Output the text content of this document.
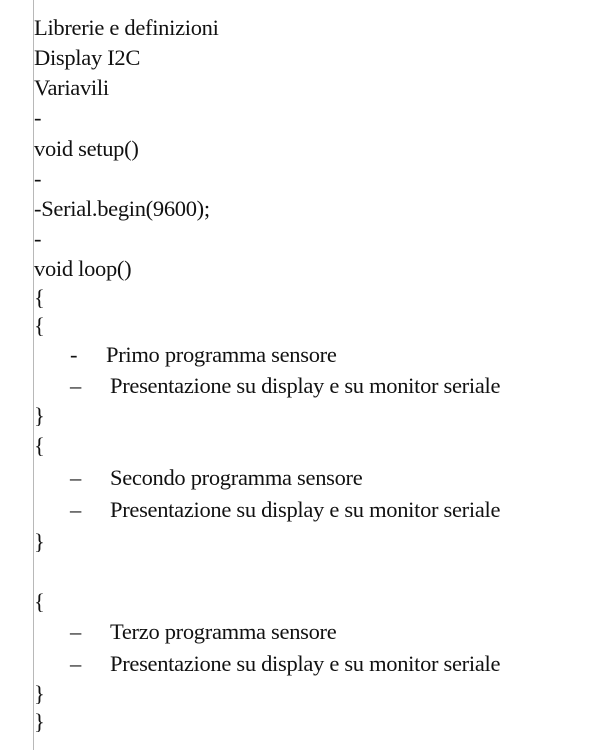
Librerie e definizioni
Display I2C
Variavili
-
void setup()
-
-Serial.begin(9600);
-
void loop()
{
{
- Primo programma sensore
– Presentazione su display e su monitor seriale
}
{
– Secondo programma sensore
– Presentazione su display e su monitor seriale
}
{
– Terzo programma sensore
– Presentazione su display e su monitor seriale
}
}
